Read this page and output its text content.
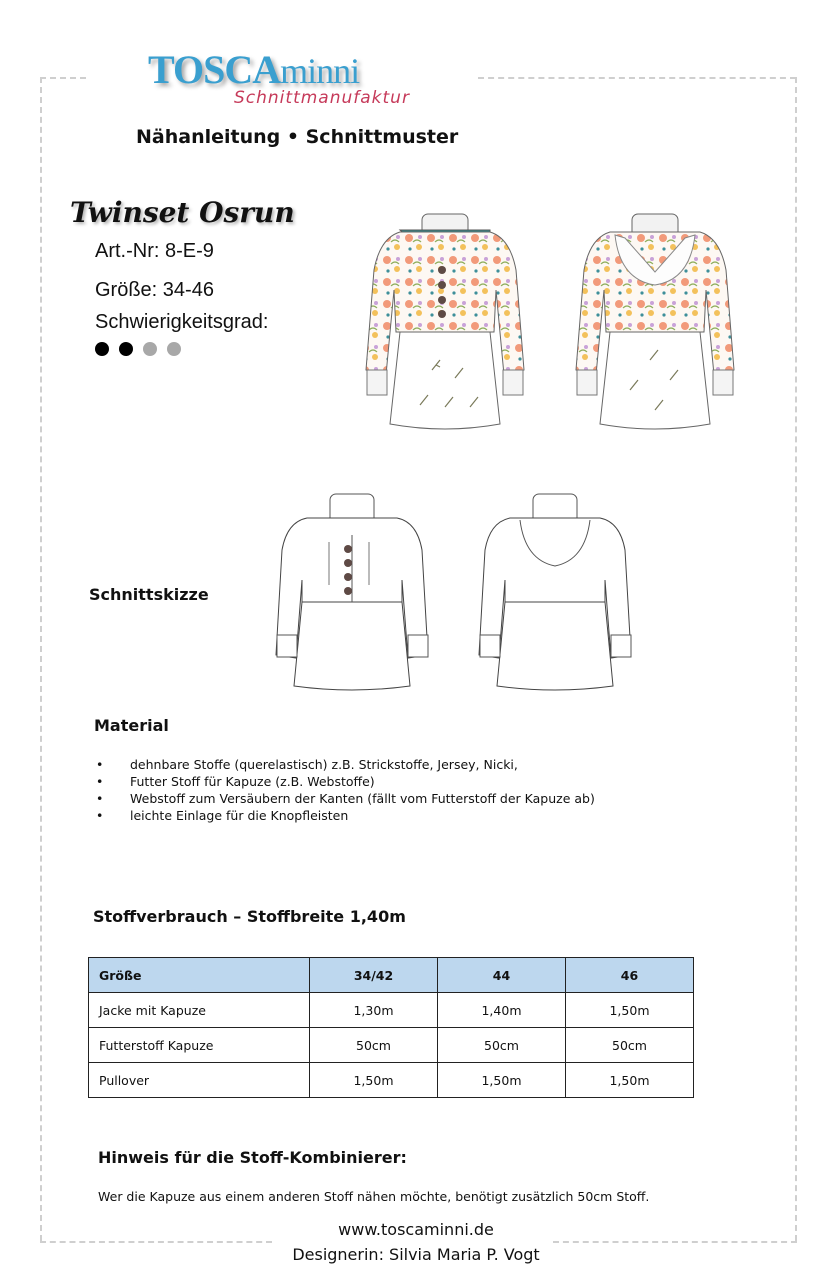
TOSCAminni
Schnittmanufaktur
Nähanleitung • Schnittmuster
Twinset Osrun
Art.-Nr: 8-E-9
Größe: 34-46
Schwierigkeitsgrad:
Schnittskizze
Material
• dehnbare Stoffe (querelastisch) z.B. Strickstoffe, Jersey, Nicki,
• Futter Stoff für Kapuze (z.B. Webstoffe)
• Webstoff zum Versäubern der Kanten (fällt vom Futterstoff der Kapuze ab)
• leichte Einlage für die Knopfleisten
Stoffverbrauch – Stoffbreite 1,40m
Größe	34/42	44	46
Jacke mit Kapuze	1,30m	1,40m	1,50m
Futterstoff Kapuze	50cm	50cm	50cm
Pullover	1,50m	1,50m	1,50m
Hinweis für die Stoff-Kombinierer:
Wer die Kapuze aus einem anderen Stoff nähen möchte, benötigt zusätzlich 50cm Stoff.
www.toscaminni.de
Designerin: Silvia Maria P. Vogt
